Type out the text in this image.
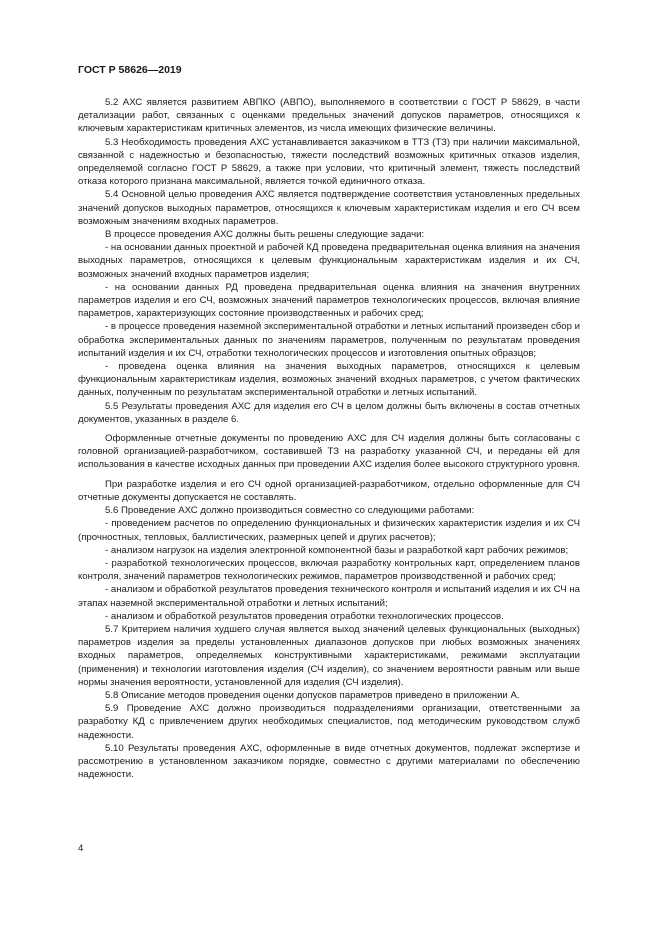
ГОСТ Р 58626—2019

5.2 АХС является развитием АВПКО (АВПО), выполняемого в соответствии с ГОСТ Р 58629, в части детализации работ, связанных с оценками предельных значений допусков параметров, относящихся к ключевым характеристикам критичных элементов, из числа имеющих физические величины.

5.3 Необходимость проведения АХС устанавливается заказчиком в ТТЗ (ТЗ) при наличии максимальной, связанной с надежностью и безопасностью, тяжести последствий возможных критичных отказов изделия, определяемой согласно ГОСТ Р 58629, а также при условии, что критичный элемент, тяжесть последствий отказа которого признана максимальной, является точкой единичного отказа.

5.4 Основной целью проведения АХС является подтверждение соответствия установленных предельных значений допусков выходных параметров, относящихся к ключевым характеристикам изделия и его СЧ всем возможным значениям входных параметров.

В процессе проведения АХС должны быть решены следующие задачи:

- на основании данных проектной и рабочей КД проведена предварительная оценка влияния на значения выходных параметров, относящихся к целевым функциональным характеристикам изделия и их СЧ, возможных значений входных параметров изделия;

- на основании данных РД проведена предварительная оценка влияния на значения внутренних параметров изделия и его СЧ, возможных значений параметров технологических процессов, включая влияние параметров, характеризующих состояние производственных и рабочих сред;

- в процессе проведения наземной экспериментальной отработки и летных испытаний произведен сбор и обработка экспериментальных данных по значениям параметров, полученным по результатам проведения испытаний изделия и их СЧ, отработки технологических процессов и изготовления опытных образцов;

- проведена оценка влияния на значения выходных параметров, относящихся к целевым функциональным характеристикам изделия, возможных значений входных параметров, с учетом фактических данных, полученным по результатам экспериментальной отработки и летных испытаний.

5.5 Результаты проведения АХС для изделия его СЧ в целом должны быть включены в состав отчетных документов, указанных в разделе 6.

Оформленные отчетные документы по проведению АХС для СЧ изделия должны быть согласованы с головной организацией-разработчиком, составившей ТЗ на разработку указанной СЧ, и переданы ей для использования в качестве исходных данных при проведении АХС изделия более высокого структурного уровня.

При разработке изделия и его СЧ одной организацией-разработчиком, отдельно оформленные для СЧ отчетные документы допускается не составлять.

5.6 Проведение АХС должно производиться совместно со следующими работами:

- проведением расчетов по определению функциональных и физических характеристик изделия и их СЧ (прочностных, тепловых, баллистических, размерных цепей и других расчетов);

- анализом нагрузок на изделия электронной компонентной базы и разработкой карт рабочих режимов;

- разработкой технологических процессов, включая разработку контрольных карт, определением планов контроля, значений параметров технологических режимов, параметров производственной и рабочих сред;

- анализом и обработкой результатов проведения технического контроля и испытаний изделия и их СЧ на этапах наземной экспериментальной отработки и летных испытаний;

- анализом и обработкой результатов проведения отработки технологических процессов.

5.7 Критерием наличия худшего случая является выход значений целевых функциональных (выходных) параметров изделия за пределы установленных диапазонов допусков при любых возможных значениях входных параметров, определяемых конструктивными характеристиками, режимами эксплуатации (применения) и технологии изготовления изделия (СЧ изделия), со значением вероятности равным или выше нормы значения вероятности, установленной для изделия (СЧ изделия).

5.8 Описание методов проведения оценки допусков параметров приведено в приложении А.

5.9 Проведение АХС должно производиться подразделениями организации, ответственными за разработку КД с привлечением других необходимых специалистов, под методическим руководством служб надежности.

5.10 Результаты проведения АХС, оформленные в виде отчетных документов, подлежат экспертизе и рассмотрению в установленном заказчиком порядке, совместно с другими материалами по обеспечению надежности.

4
